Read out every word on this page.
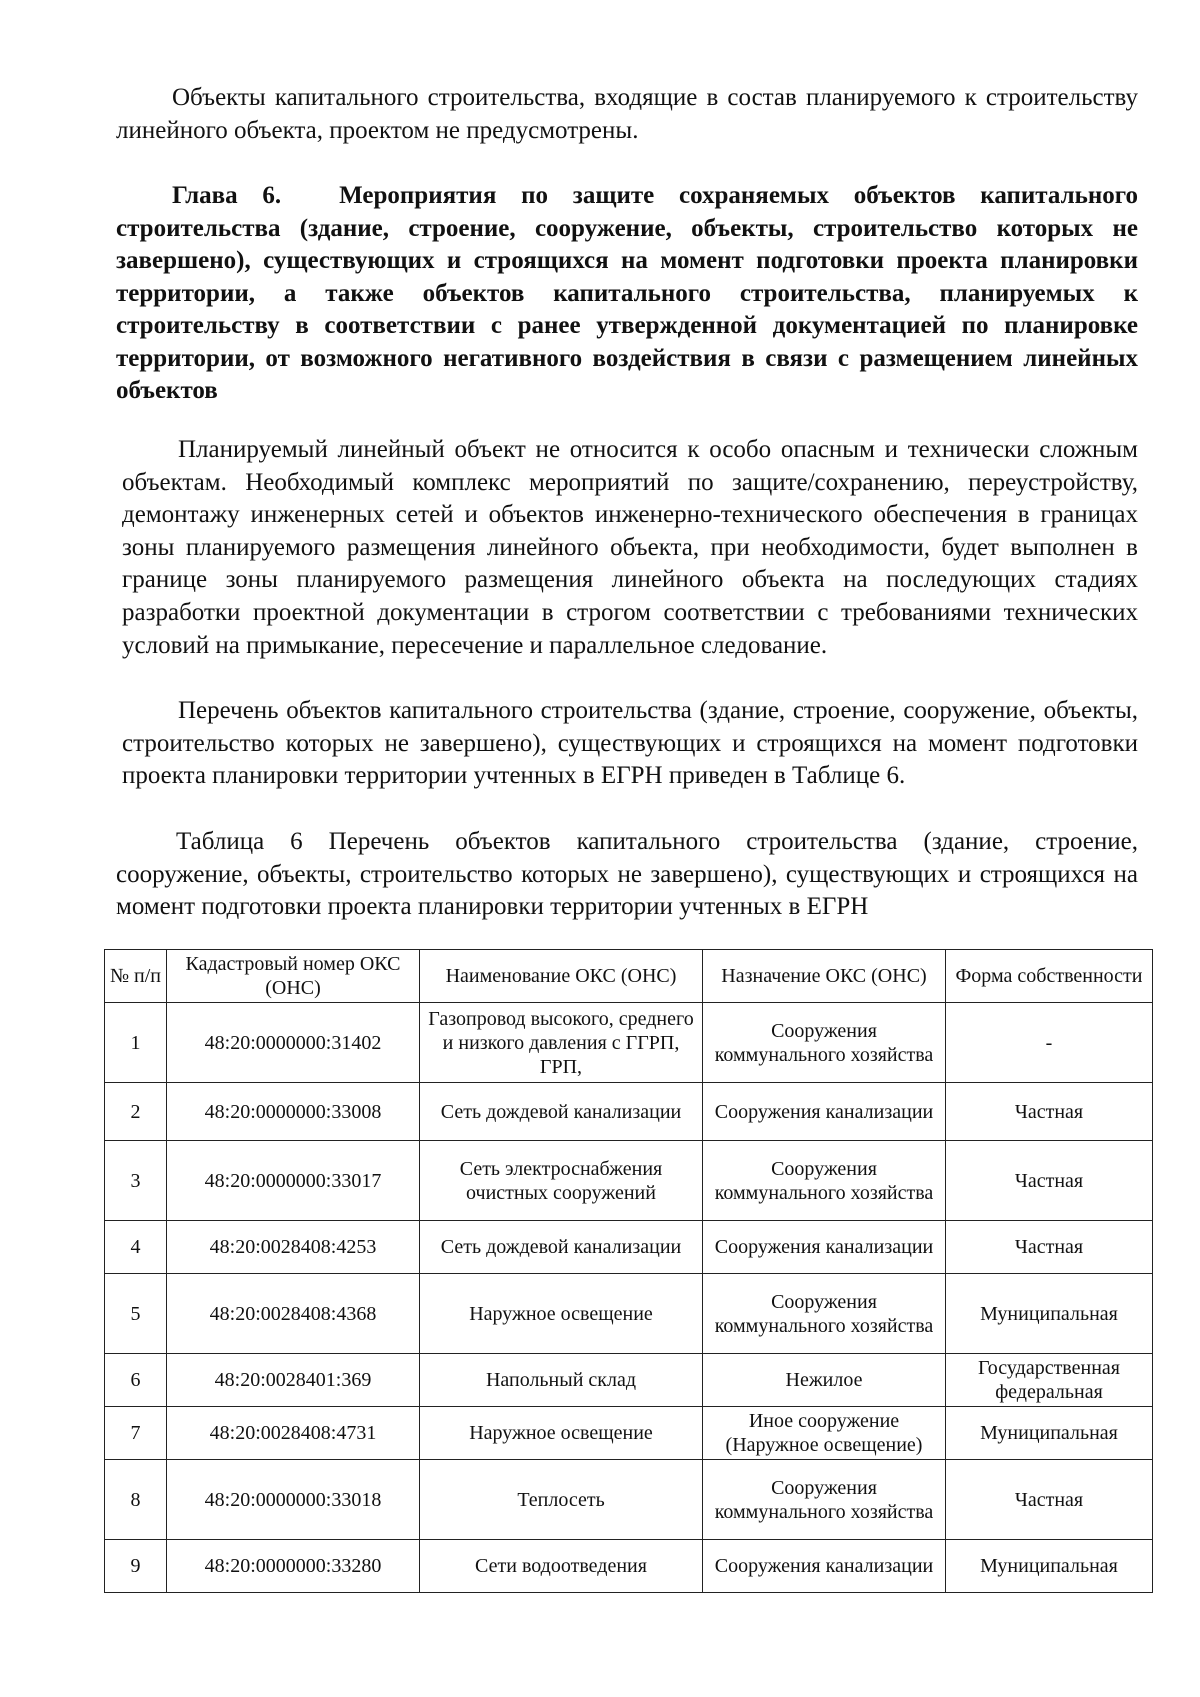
Объекты капитального строительства, входящие в состав планируемого к строительству линейного объекта, проектом не предусмотрены.

Глава 6. Мероприятия по защите сохраняемых объектов капитального строительства (здание, строение, сооружение, объекты, строительство которых не завершено), существующих и строящихся на момент подготовки проекта планировки территории, а также объектов капитального строительства, планируемых к строительству в соответствии с ранее утвержденной документацией по планировке территории, от возможного негативного воздействия в связи с размещением линейных объектов

Планируемый линейный объект не относится к особо опасным и технически сложным объектам. Необходимый комплекс мероприятий по защите/сохранению, переустройству, демонтажу инженерных сетей и объектов инженерно-технического обеспечения в границах зоны планируемого размещения линейного объекта, при необходимости, будет выполнен в границе зоны планируемого размещения линейного объекта на последующих стадиях разработки проектной документации в строгом соответствии с требованиями технических условий на примыкание, пересечение и параллельное следование.

Перечень объектов капитального строительства (здание, строение, сооружение, объекты, строительство которых не завершено), существующих и строящихся на момент подготовки проекта планировки территории учтенных в ЕГРН приведен в Таблице 6.

Таблица 6 Перечень объектов капитального строительства (здание, строение, сооружение, объекты, строительство которых не завершено), существующих и строящихся на момент подготовки проекта планировки территории учтенных в ЕГРН

№ п/п	Кадастровый номер ОКС (ОНС)	Наименование ОКС (ОНС)	Назначение ОКС (ОНС)	Форма собственности
1	48:20:0000000:31402	Газопровод высокого, среднего и низкого давления с ГГРП, ГРП,	Сооружения коммунального хозяйства	-
2	48:20:0000000:33008	Сеть дождевой канализации	Сооружения канализации	Частная
3	48:20:0000000:33017	Сеть электроснабжения очистных сооружений	Сооружения коммунального хозяйства	Частная
4	48:20:0028408:4253	Сеть дождевой канализации	Сооружения канализации	Частная
5	48:20:0028408:4368	Наружное освещение	Сооружения коммунального хозяйства	Муниципальная
6	48:20:0028401:369	Напольный склад	Нежилое	Государственная федеральная
7	48:20:0028408:4731	Наружное освещение	Иное сооружение (Наружное освещение)	Муниципальная
8	48:20:0000000:33018	Теплосеть	Сооружения коммунального хозяйства	Частная
9	48:20:0000000:33280	Сети водоотведения	Сооружения канализации	Муниципальная
